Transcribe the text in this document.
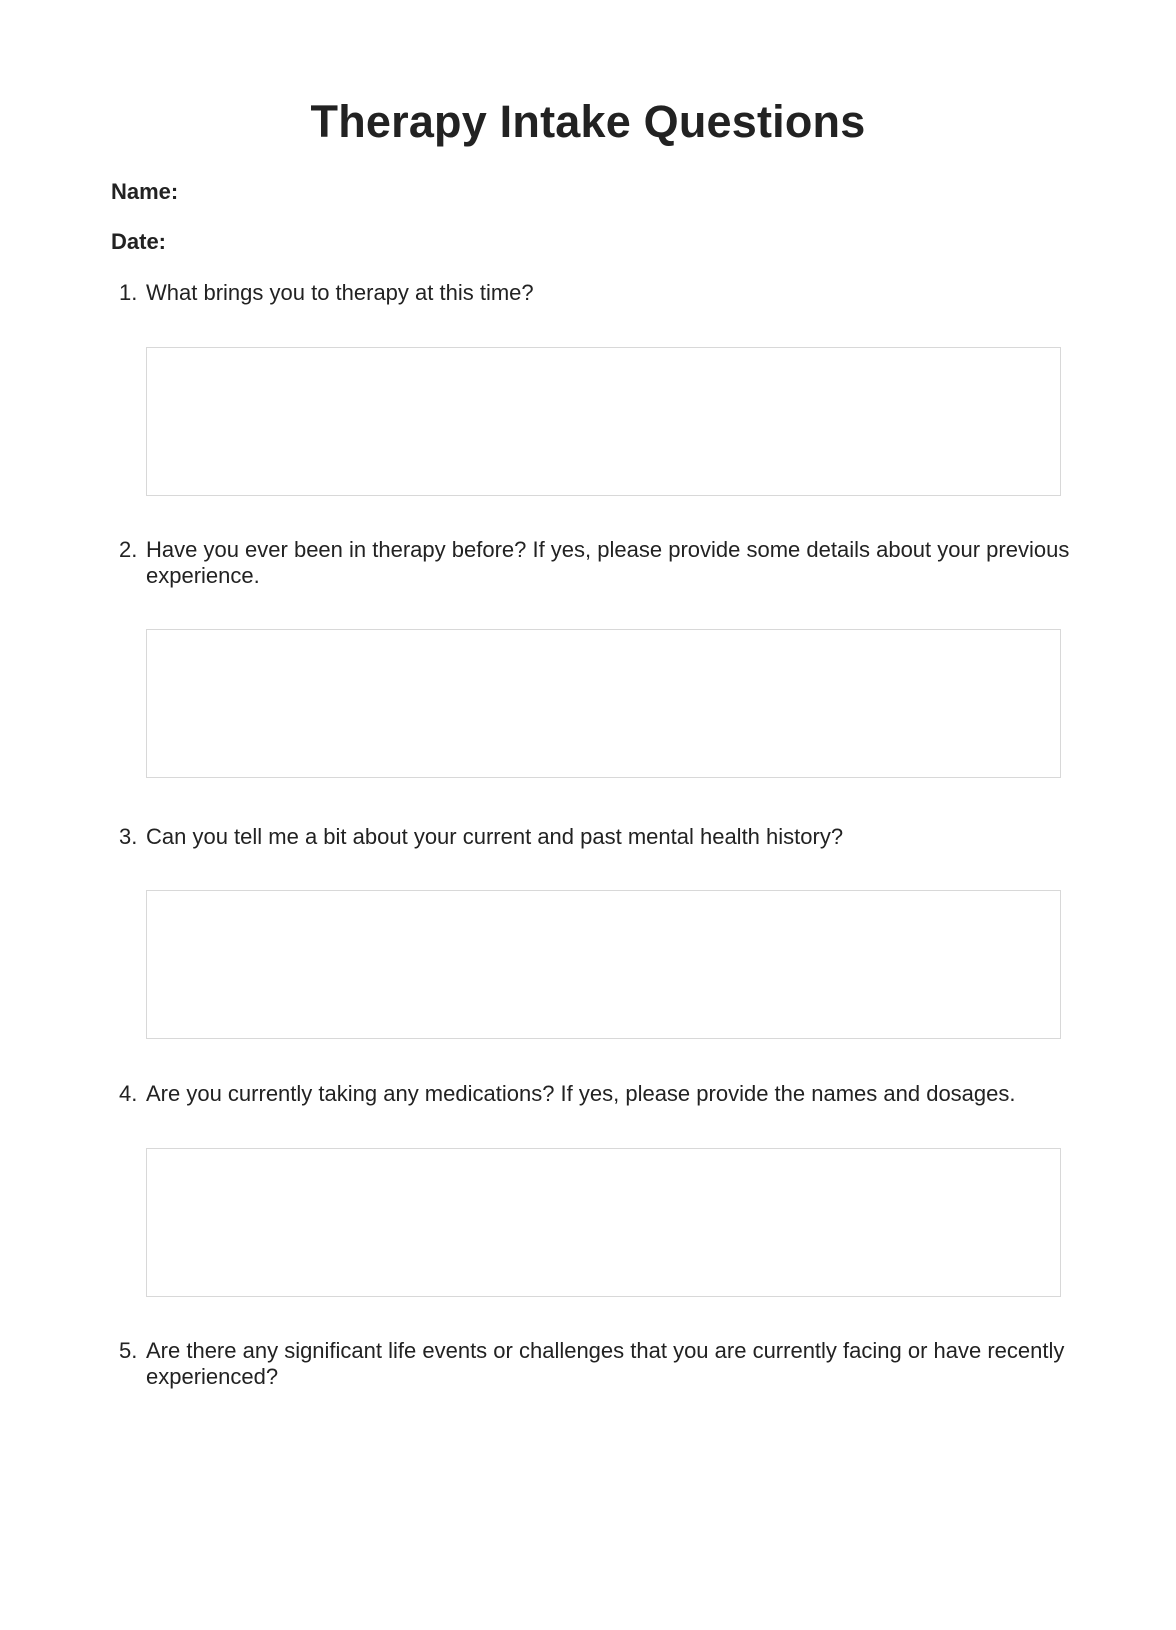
Therapy Intake Questions

Name:

Date:

1. What brings you to therapy at this time?
2. Have you ever been in therapy before? If yes, please provide some details about your previous experience.
3. Can you tell me a bit about your current and past mental health history?
4. Are you currently taking any medications? If yes, please provide the names and dosages.
5. Are there any significant life events or challenges that you are currently facing or have recently experienced?
